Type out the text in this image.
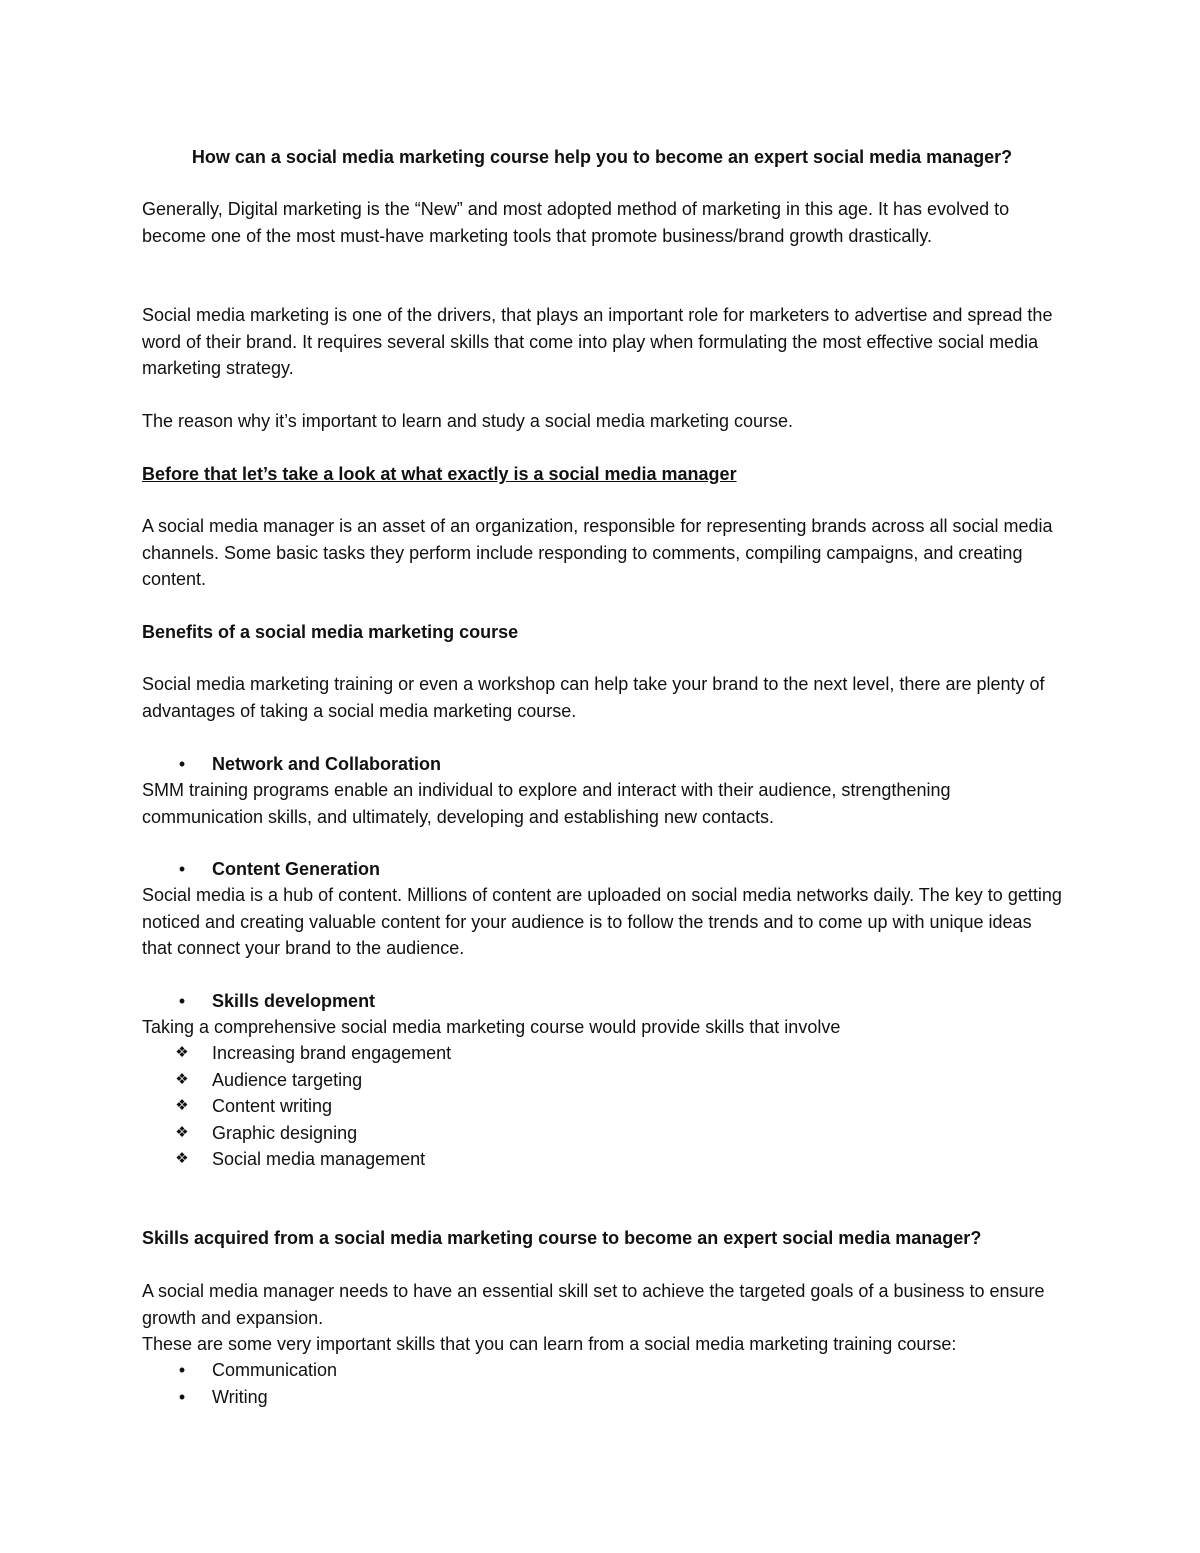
How can a social media marketing course help you to become an expert social media manager?

Generally, Digital marketing is the “New” and most adopted method of marketing in this age. It has evolved to become one of the most must-have marketing tools that promote business/brand growth drastically.

Social media marketing is one of the drivers, that plays an important role for marketers to advertise and spread the word of their brand. It requires several skills that come into play when formulating the most effective social media marketing strategy.

The reason why it’s important to learn and study a social media marketing course.

Before that let’s take a look at what exactly is a social media manager

A social media manager is an asset of an organization, responsible for representing brands across all social media channels. Some basic tasks they perform include responding to comments, compiling campaigns, and creating content.

Benefits of a social media marketing course

Social media marketing training or even a workshop can help take your brand to the next level, there are plenty of advantages of taking a social media marketing course.

•	Network and Collaboration

SMM training programs enable an individual to explore and interact with their audience, strengthening communication skills, and ultimately, developing and establishing new contacts.

•	Content Generation

Social media is a hub of content. Millions of content are uploaded on social media networks daily. The key to getting noticed and creating valuable content for your audience is to follow the trends and to come up with unique ideas that connect your brand to the audience.

•	Skills development

Taking a comprehensive social media marketing course would provide skills that involve

❖ Increasing brand engagement
❖ Audience targeting
❖ Content writing
❖ Graphic designing
❖ Social media management

Skills acquired from a social media marketing course to become an expert social media manager?

A social media manager needs to have an essential skill set to achieve the targeted goals of a business to ensure growth and expansion.

These are some very important skills that you can learn from a social media marketing training course:

•	Communication
•	Writing
